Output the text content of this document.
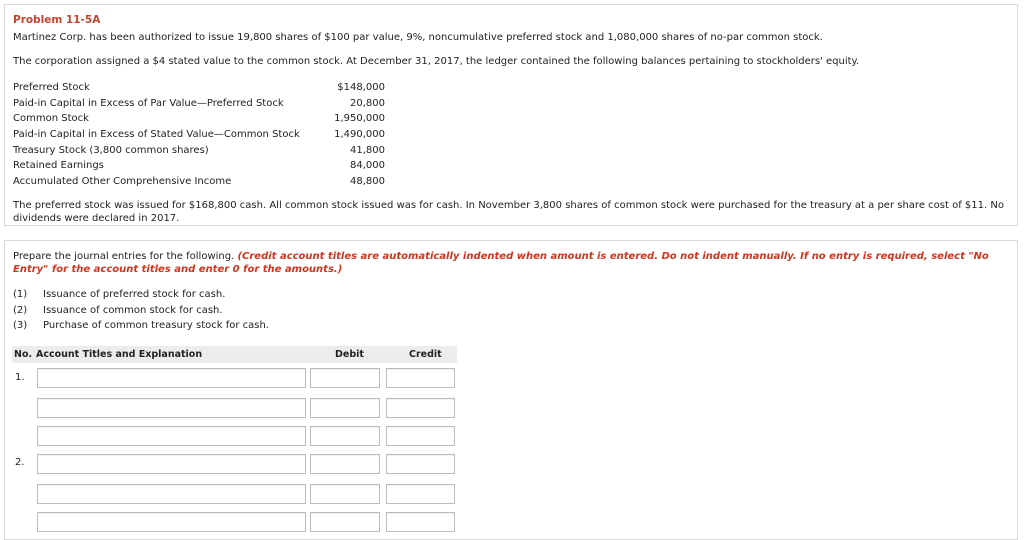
Problem 11-5A
Martinez Corp. has been authorized to issue 19,800 shares of $100 par value, 9%, noncumulative preferred stock and 1,080,000 shares of no-par common stock.
The corporation assigned a $4 stated value to the common stock. At December 31, 2017, the ledger contained the following balances pertaining to stockholders' equity.
Preferred Stock	$148,000
Paid-in Capital in Excess of Par Value—Preferred Stock	20,800
Common Stock	1,950,000
Paid-in Capital in Excess of Stated Value—Common Stock	1,490,000
Treasury Stock (3,800 common shares)	41,800
Retained Earnings	84,000
Accumulated Other Comprehensive Income	48,800
The preferred stock was issued for $168,800 cash. All common stock issued was for cash. In November 3,800 shares of common stock were purchased for the treasury at a per share cost of $11. No dividends were declared in 2017.
Prepare the journal entries for the following. (Credit account titles are automatically indented when amount is entered. Do not indent manually. If no entry is required, select "No Entry" for the account titles and enter 0 for the amounts.)
(1) Issuance of preferred stock for cash.
(2) Issuance of common stock for cash.
(3) Purchase of common treasury stock for cash.
No. Account Titles and Explanation	Debit	Credit
1.
2.
